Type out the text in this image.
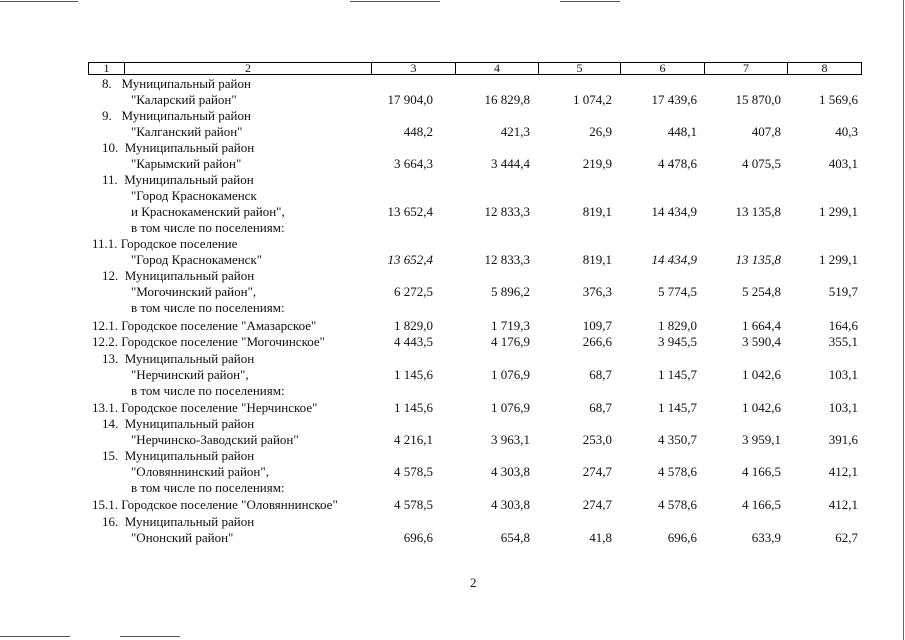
1	2	3	4	5	6	7	8
8.   Муниципальный район
"Каларский район"	17 904,0	16 829,8	1 074,2	17 439,6	15 870,0	1 569,6
9.   Муниципальный район
"Калганский район"	448,2	421,3	26,9	448,1	407,8	40,3
10.  Муниципальный район
"Карымский район"	3 664,3	3 444,4	219,9	4 478,6	4 075,5	403,1
11.  Муниципальный район
"Город Краснокаменск
и Краснокаменский район",
в том числе по поселениям:
13 652,4	12 833,3	819,1	14 434,9	13 135,8	1 299,1
11.1. Городское поселение
"Город Краснокаменск"	13 652,4	12 833,3	819,1	14 434,9	13 135,8	1 299,1
12.  Муниципальный район
"Могочинский район",
в том числе по поселениям:
6 272,5	5 896,2	376,3	5 774,5	5 254,8	519,7
12.1. Городское поселение "Амазарское"	1 829,0	1 719,3	109,7	1 829,0	1 664,4	164,6
12.2. Городское поселение "Могочинское"	4 443,5	4 176,9	266,6	3 945,5	3 590,4	355,1
13.  Муниципальный район
"Нерчинский район",
в том числе по поселениям:
1 145,6	1 076,9	68,7	1 145,7	1 042,6	103,1
13.1. Городское поселение "Нерчинское"	1 145,6	1 076,9	68,7	1 145,7	1 042,6	103,1
14.  Муниципальный район
"Нерчинско-Заводский район"	4 216,1	3 963,1	253,0	4 350,7	3 959,1	391,6
15.  Муниципальный район
"Оловяннинский район",
в том числе по поселениям:
4 578,5	4 303,8	274,7	4 578,6	4 166,5	412,1
15.1. Городское поселение "Оловяннинское"	4 578,5	4 303,8	274,7	4 578,6	4 166,5	412,1
16.  Муниципальный район
"Ононский район"	696,6	654,8	41,8	696,6	633,9	62,7
2
